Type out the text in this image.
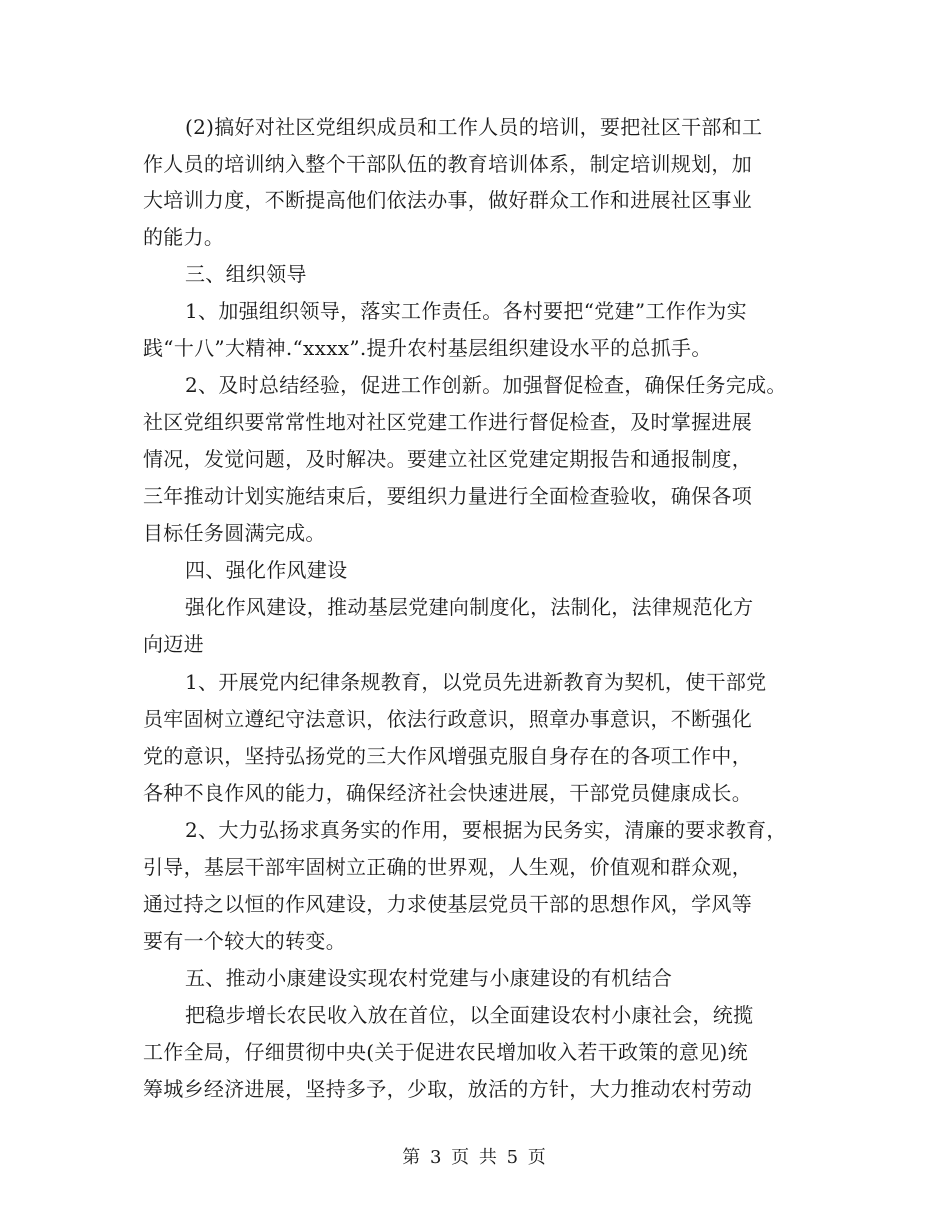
(2)搞好对社区党组织成员和工作人员的培训，要把社区干部和工
作人员的培训纳入整个干部队伍的教育培训体系，制定培训规划，加
大培训力度，不断提高他们依法办事，做好群众工作和进展社区事业
的能力。
三、组织领导
1、加强组织领导，落实工作责任。各村要把“党建”工作作为实
践“十八”大精神.“xxxx”.提升农村基层组织建设水平的总抓手。
2、及时总结经验，促进工作创新。加强督促检查，确保任务完成。
社区党组织要常常性地对社区党建工作进行督促检查，及时掌握进展
情况，发觉问题，及时解决。要建立社区党建定期报告和通报制度，
三年推动计划实施结束后，要组织力量进行全面检查验收，确保各项
目标任务圆满完成。
四、强化作风建设
强化作风建设，推动基层党建向制度化，法制化，法律规范化方
向迈进
1、开展党内纪律条规教育，以党员先进新教育为契机，使干部党
员牢固树立遵纪守法意识，依法行政意识，照章办事意识，不断强化
党的意识，坚持弘扬党的三大作风增强克服自身存在的各项工作中，
各种不良作风的能力，确保经济社会快速进展，干部党员健康成长。
2、大力弘扬求真务实的作用，要根据为民务实，清廉的要求教育，
引导，基层干部牢固树立正确的世界观，人生观，价值观和群众观，
通过持之以恒的作风建设，力求使基层党员干部的思想作风，学风等
要有一个较大的转变。
五、推动小康建设实现农村党建与小康建设的有机结合
把稳步增长农民收入放在首位，以全面建设农村小康社会，统揽
工作全局，仔细贯彻中央(关于促进农民增加收入若干政策的意见)统
筹城乡经济进展，坚持多予，少取，放活的方针，大力推动农村劳动
第 3 页 共 5 页
